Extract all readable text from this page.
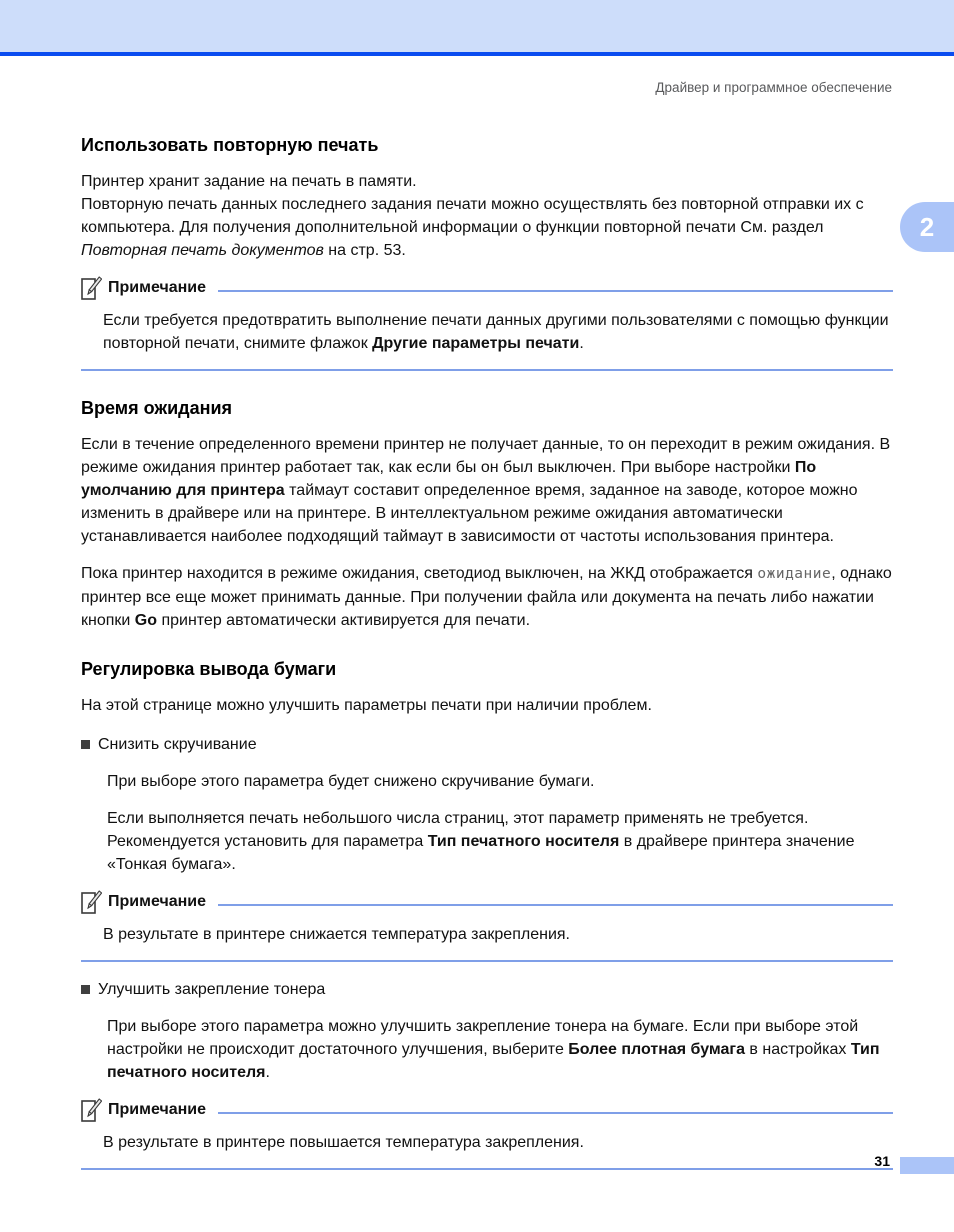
Драйвер и программное обеспечение
2
Использовать повторную печать

Принтер хранит задание на печать в памяти.

Повторную печать данных последнего задания печати можно осуществлять без повторной отправки их с компьютера. Для получения дополнительной информации о функции повторной печати См. раздел Повторная печать документов на стр. 53.

Примечание
Если требуется предотвратить выполнение печати данных другими пользователями с помощью функции повторной печати, снимите флажок Другие параметры печати.
Время ожидания

Если в течение определенного времени принтер не получает данные, то он переходит в режим ожидания. В режиме ожидания принтер работает так, как если бы он был выключен. При выборе настройки По умолчанию для принтера таймаут составит определенное время, заданное на заводе, которое можно изменить в драйвере или на принтере. В интеллектуальном режиме ожидания автоматически устанавливается наиболее подходящий таймаут в зависимости от частоты использования принтера.

Пока принтер находится в режиме ожидания, светодиод выключен, на ЖКД отображается ожидание, однако принтер все еще может принимать данные. При получении файла или документа на печать либо нажатии кнопки Go принтер автоматически активируется для печати.

Регулировка вывода бумаги

На этой странице можно улучшить параметры печати при наличии проблем.

Снизить скручивание

При выборе этого параметра будет снижено скручивание бумаги.

Если выполняется печать небольшого числа страниц, этот параметр применять не требуется. Рекомендуется установить для параметра Тип печатного носителя в драйвере принтера значение «Тонкая бумага».

Примечание
В результате в принтере снижается температура закрепления.
Улучшить закрепление тонера

При выборе этого параметра можно улучшить закрепление тонера на бумаге. Если при выборе этой настройки не происходит достаточного улучшения, выберите Более плотная бумага в настройках Тип печатного носителя.

Примечание
В результате в принтере повышается температура закрепления.
31
